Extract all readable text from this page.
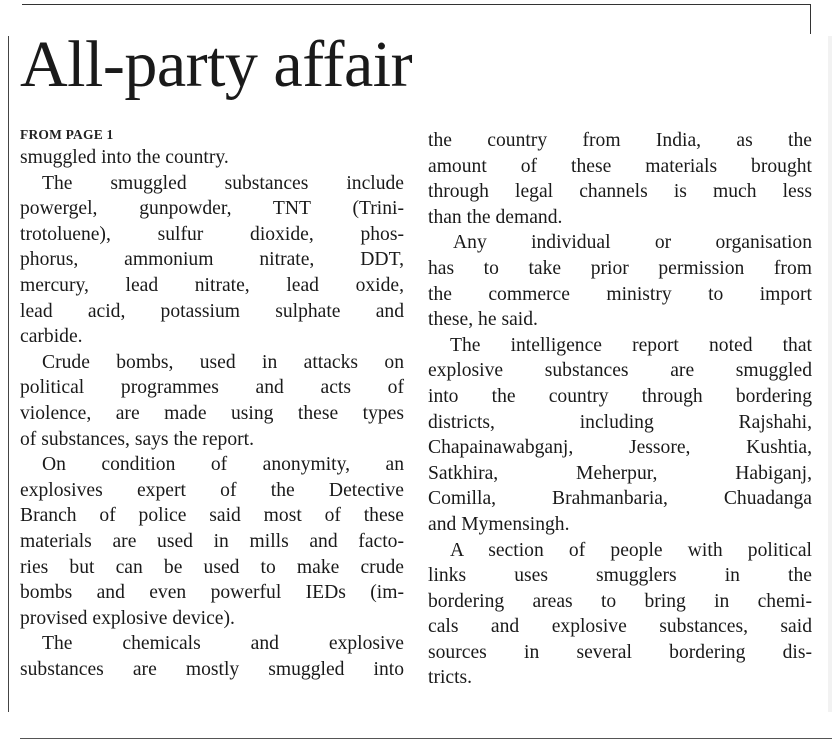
All-party affair
FROM PAGE 1
smuggled into the country.
The smuggled substances include
powergel, gunpowder, TNT (Trini-
trotoluene), sulfur dioxide, phos-
phorus, ammonium nitrate, DDT,
mercury, lead nitrate, lead oxide,
lead acid, potassium sulphate and
carbide.
Crude bombs, used in attacks on
political programmes and acts of
violence, are made using these types
of substances, says the report.
On condition of anonymity, an
explosives expert of the Detective
Branch of police said most of these
materials are used in mills and facto-
ries but can be used to make crude
bombs and even powerful IEDs (im-
provised explosive device).
The chemicals and explosive
substances are mostly smuggled into
the country from India, as the
amount of these materials brought
through legal channels is much less
than the demand.
Any individual or organisation
has to take prior permission from
the commerce ministry to import
these, he said.
The intelligence report noted that
explosive substances are smuggled
into the country through bordering
districts, including Rajshahi,
Chapainawabganj, Jessore, Kushtia,
Satkhira, Meherpur, Habiganj,
Comilla, Brahmanbaria, Chuadanga
and Mymensingh.
A section of people with political
links uses smugglers in the
bordering areas to bring in chemi-
cals and explosive substances, said
sources in several bordering dis-
tricts.
